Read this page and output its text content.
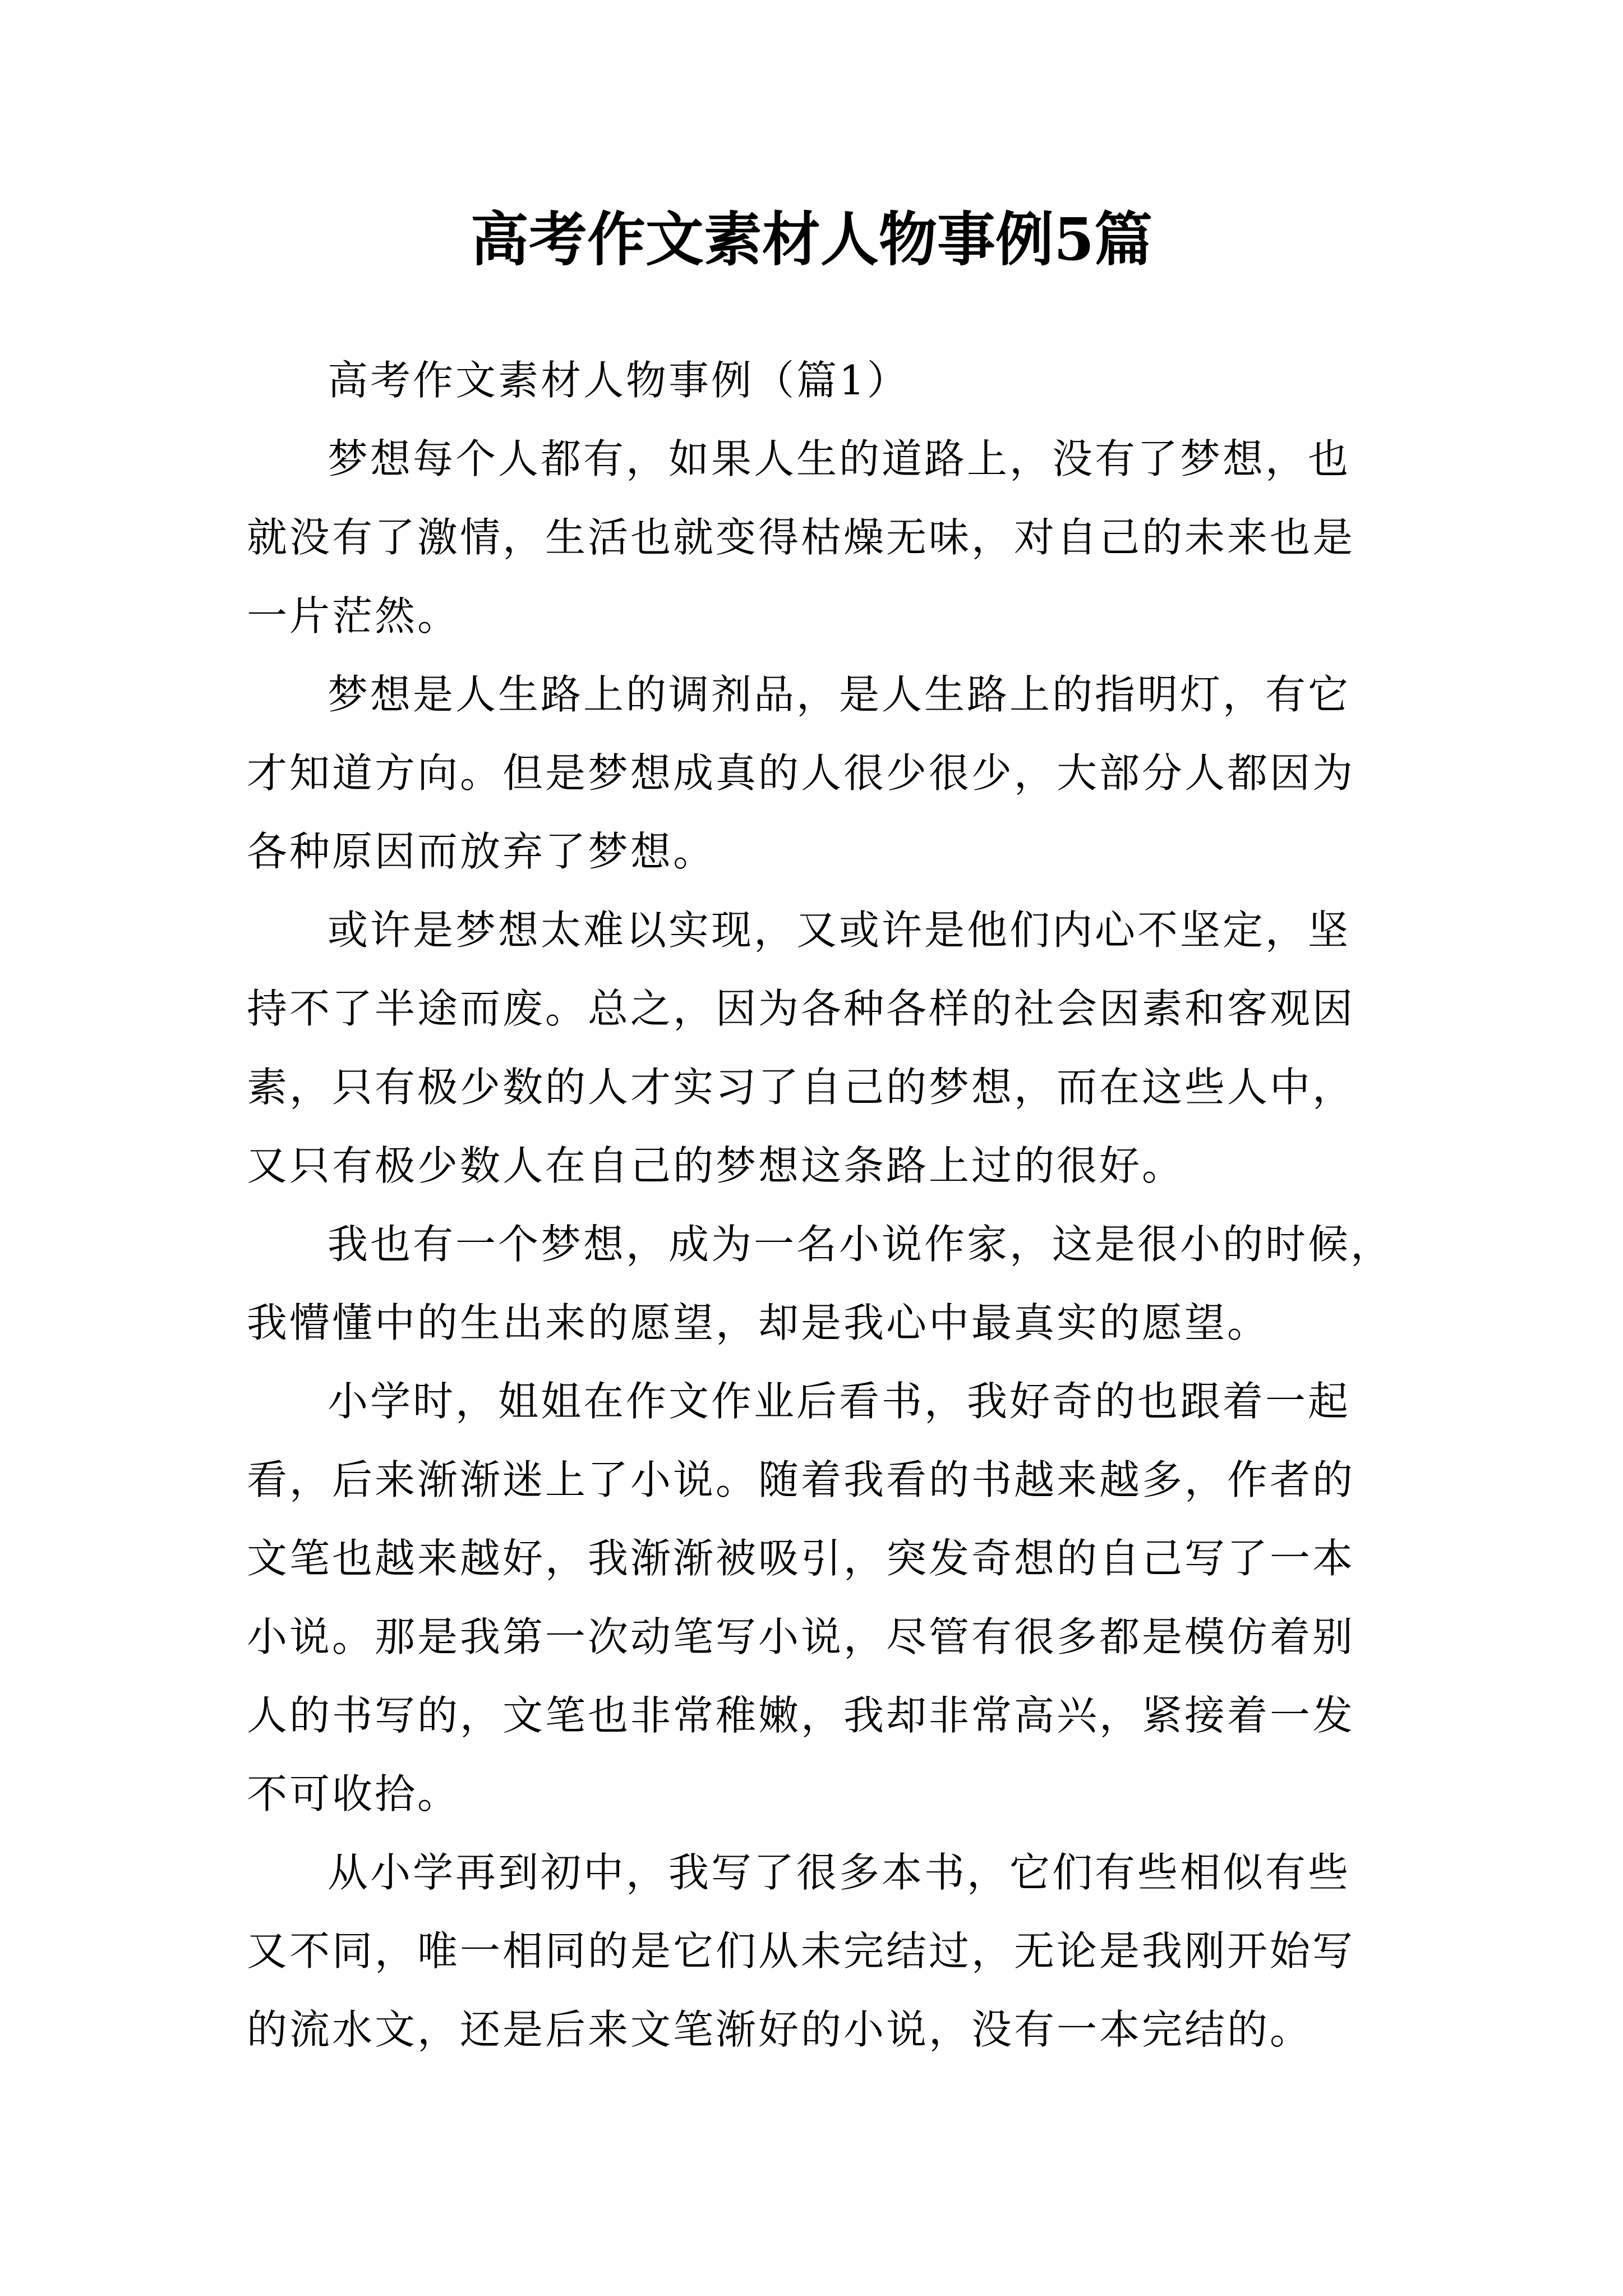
高考作文素材人物事例5篇

高考作文素材人物事例（篇1）

梦想每个人都有，如果人生的道路上，没有了梦想，也
就没有了激情，生活也就变得枯燥无味，对自己的未来也是
一片茫然。

梦想是人生路上的调剂品，是人生路上的指明灯，有它
才知道方向。但是梦想成真的人很少很少，大部分人都因为
各种原因而放弃了梦想。

或许是梦想太难以实现，又或许是他们内心不坚定，坚
持不了半途而废。总之，因为各种各样的社会因素和客观因
素，只有极少数的人才实习了自己的梦想，而在这些人中，
又只有极少数人在自己的梦想这条路上过的很好。

我也有一个梦想，成为一名小说作家，这是很小的时候，
我懵懂中的生出来的愿望，却是我心中最真实的愿望。

小学时，姐姐在作文作业后看书，我好奇的也跟着一起
看，后来渐渐迷上了小说。随着我看的书越来越多，作者的
文笔也越来越好，我渐渐被吸引，突发奇想的自己写了一本
小说。那是我第一次动笔写小说，尽管有很多都是模仿着别
人的书写的，文笔也非常稚嫩，我却非常高兴，紧接着一发
不可收拾。

从小学再到初中，我写了很多本书，它们有些相似有些
又不同，唯一相同的是它们从未完结过，无论是我刚开始写
的流水文，还是后来文笔渐好的小说，没有一本完结的。
